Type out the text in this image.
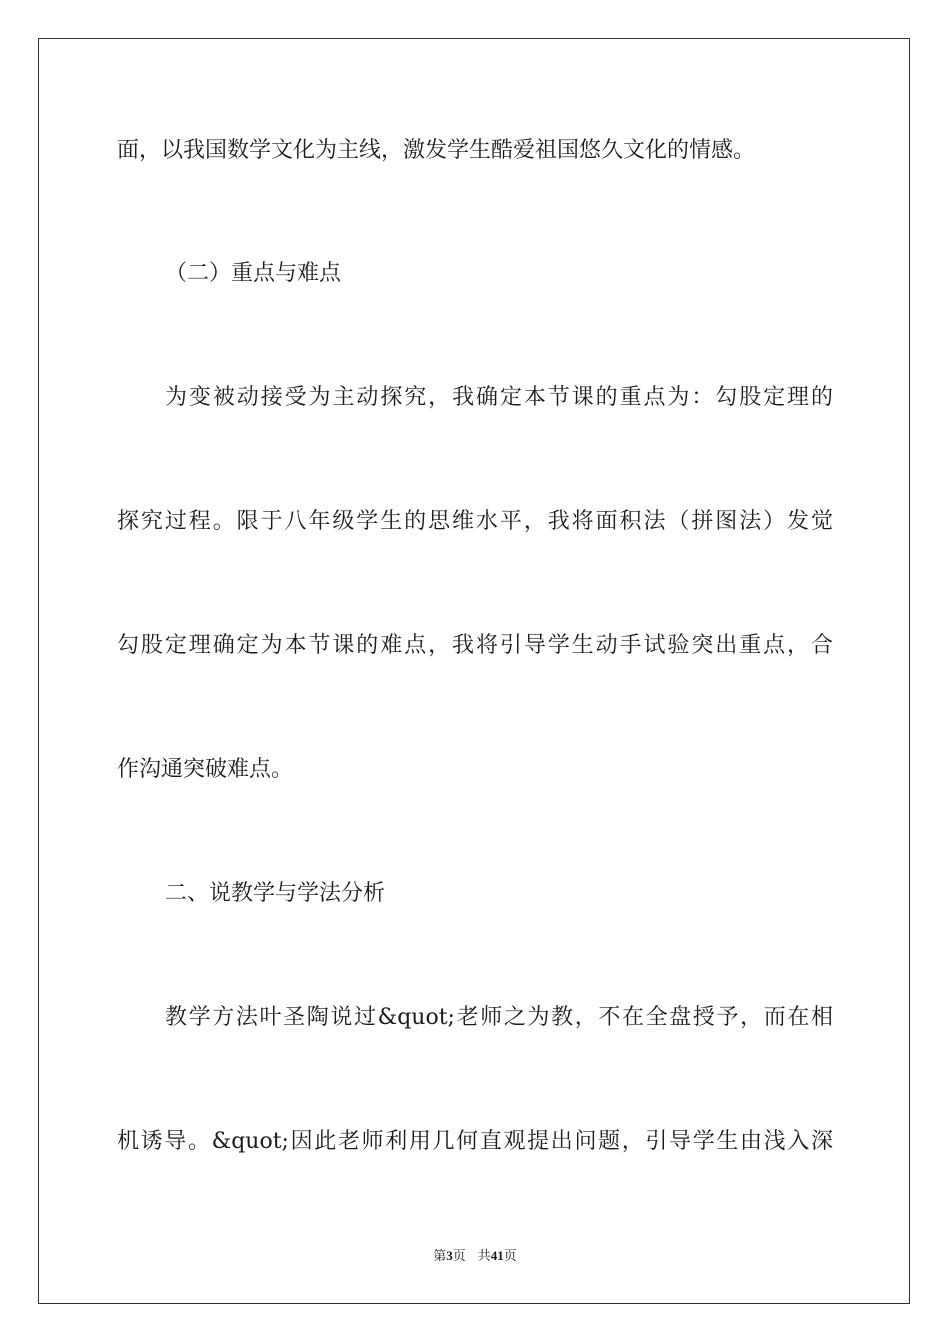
面，以我国数学文化为主线，激发学生酷爱祖国悠久文化的情感。
（二）重点与难点
为变被动接受为主动探究，我确定本节课的重点为：勾股定理的
探究过程。限于八年级学生的思维水平，我将面积法（拼图法）发觉
勾股定理确定为本节课的难点，我将引导学生动手试验突出重点，合
作沟通突破难点。
二、说教学与学法分析
教学方法叶圣陶说过&quot;老师之为教，不在全盘授予，而在相
机诱导。&quot;因此老师利用几何直观提出问题，引导学生由浅入深
第3页 共41页
